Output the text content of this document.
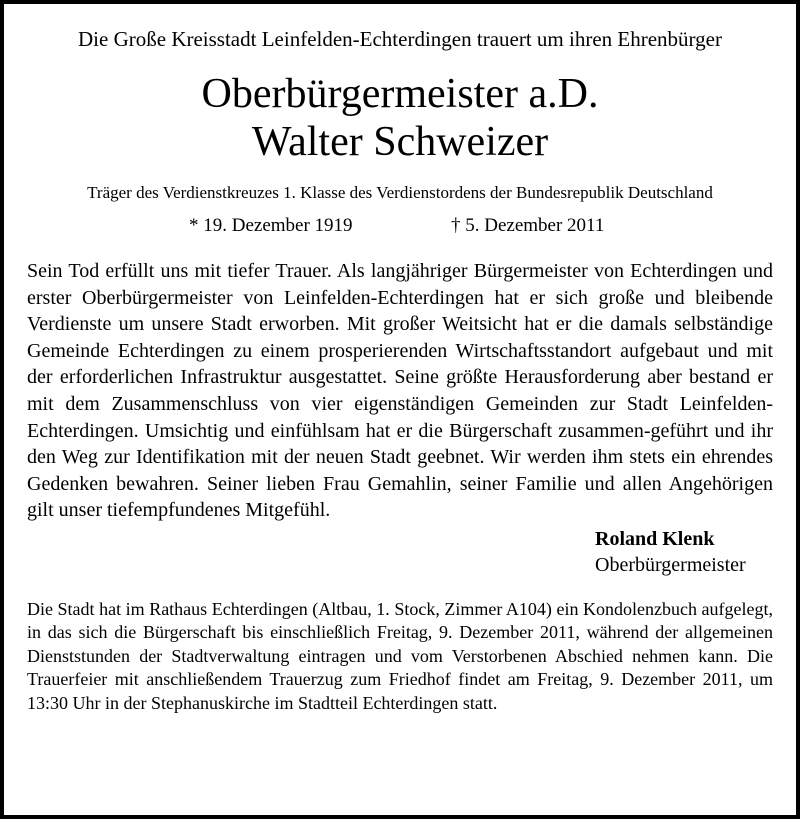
Die Große Kreisstadt Leinfelden-Echterdingen trauert um ihren Ehrenbürger

Oberbürgermeister a.D.
Walter Schweizer
Träger des Verdienstkreuzes 1. Klasse des Verdienstordens der Bundesrepublik Deutschland
* 19. Dezember 1919	† 5. Dezember 2011
Sein Tod erfüllt uns mit tiefer Trauer. Als langjähriger Bürgermeister von Echterdingen und erster Oberbürgermeister von Leinfelden-Echterdingen hat er sich große und bleibende Verdienste um unsere Stadt erworben. Mit großer Weitsicht hat er die damals selbständige Gemeinde Echterdingen zu einem prosperierenden Wirtschaftsstandort aufgebaut und mit der erforderlichen Infrastruktur ausgestattet. Seine größte Herausforderung aber bestand er mit dem Zusammenschluss von vier eigenständigen Gemeinden zur Stadt Leinfelden-Echterdingen. Umsichtig und einfühlsam hat er die Bürgerschaft zusammen-geführt und ihr den Weg zur Identifikation mit der neuen Stadt geebnet. Wir werden ihm stets ein ehrendes Gedenken bewahren. Seiner lieben Frau Gemahlin, seiner Familie und allen Angehörigen gilt unser tiefempfundenes Mitgefühl.
Roland Klenk
Oberbürgermeister
Die Stadt hat im Rathaus Echterdingen (Altbau, 1. Stock, Zimmer A104) ein Kondolenzbuch aufgelegt, in das sich die Bürgerschaft bis einschließlich Freitag, 9. Dezember 2011, während der allgemeinen Dienststunden der Stadtverwaltung eintragen und vom Verstorbenen Abschied nehmen kann. Die Trauerfeier mit anschließendem Trauerzug zum Friedhof findet am Freitag, 9. Dezember 2011, um 13:30 Uhr in der Stephanuskirche im Stadtteil Echterdingen statt.
